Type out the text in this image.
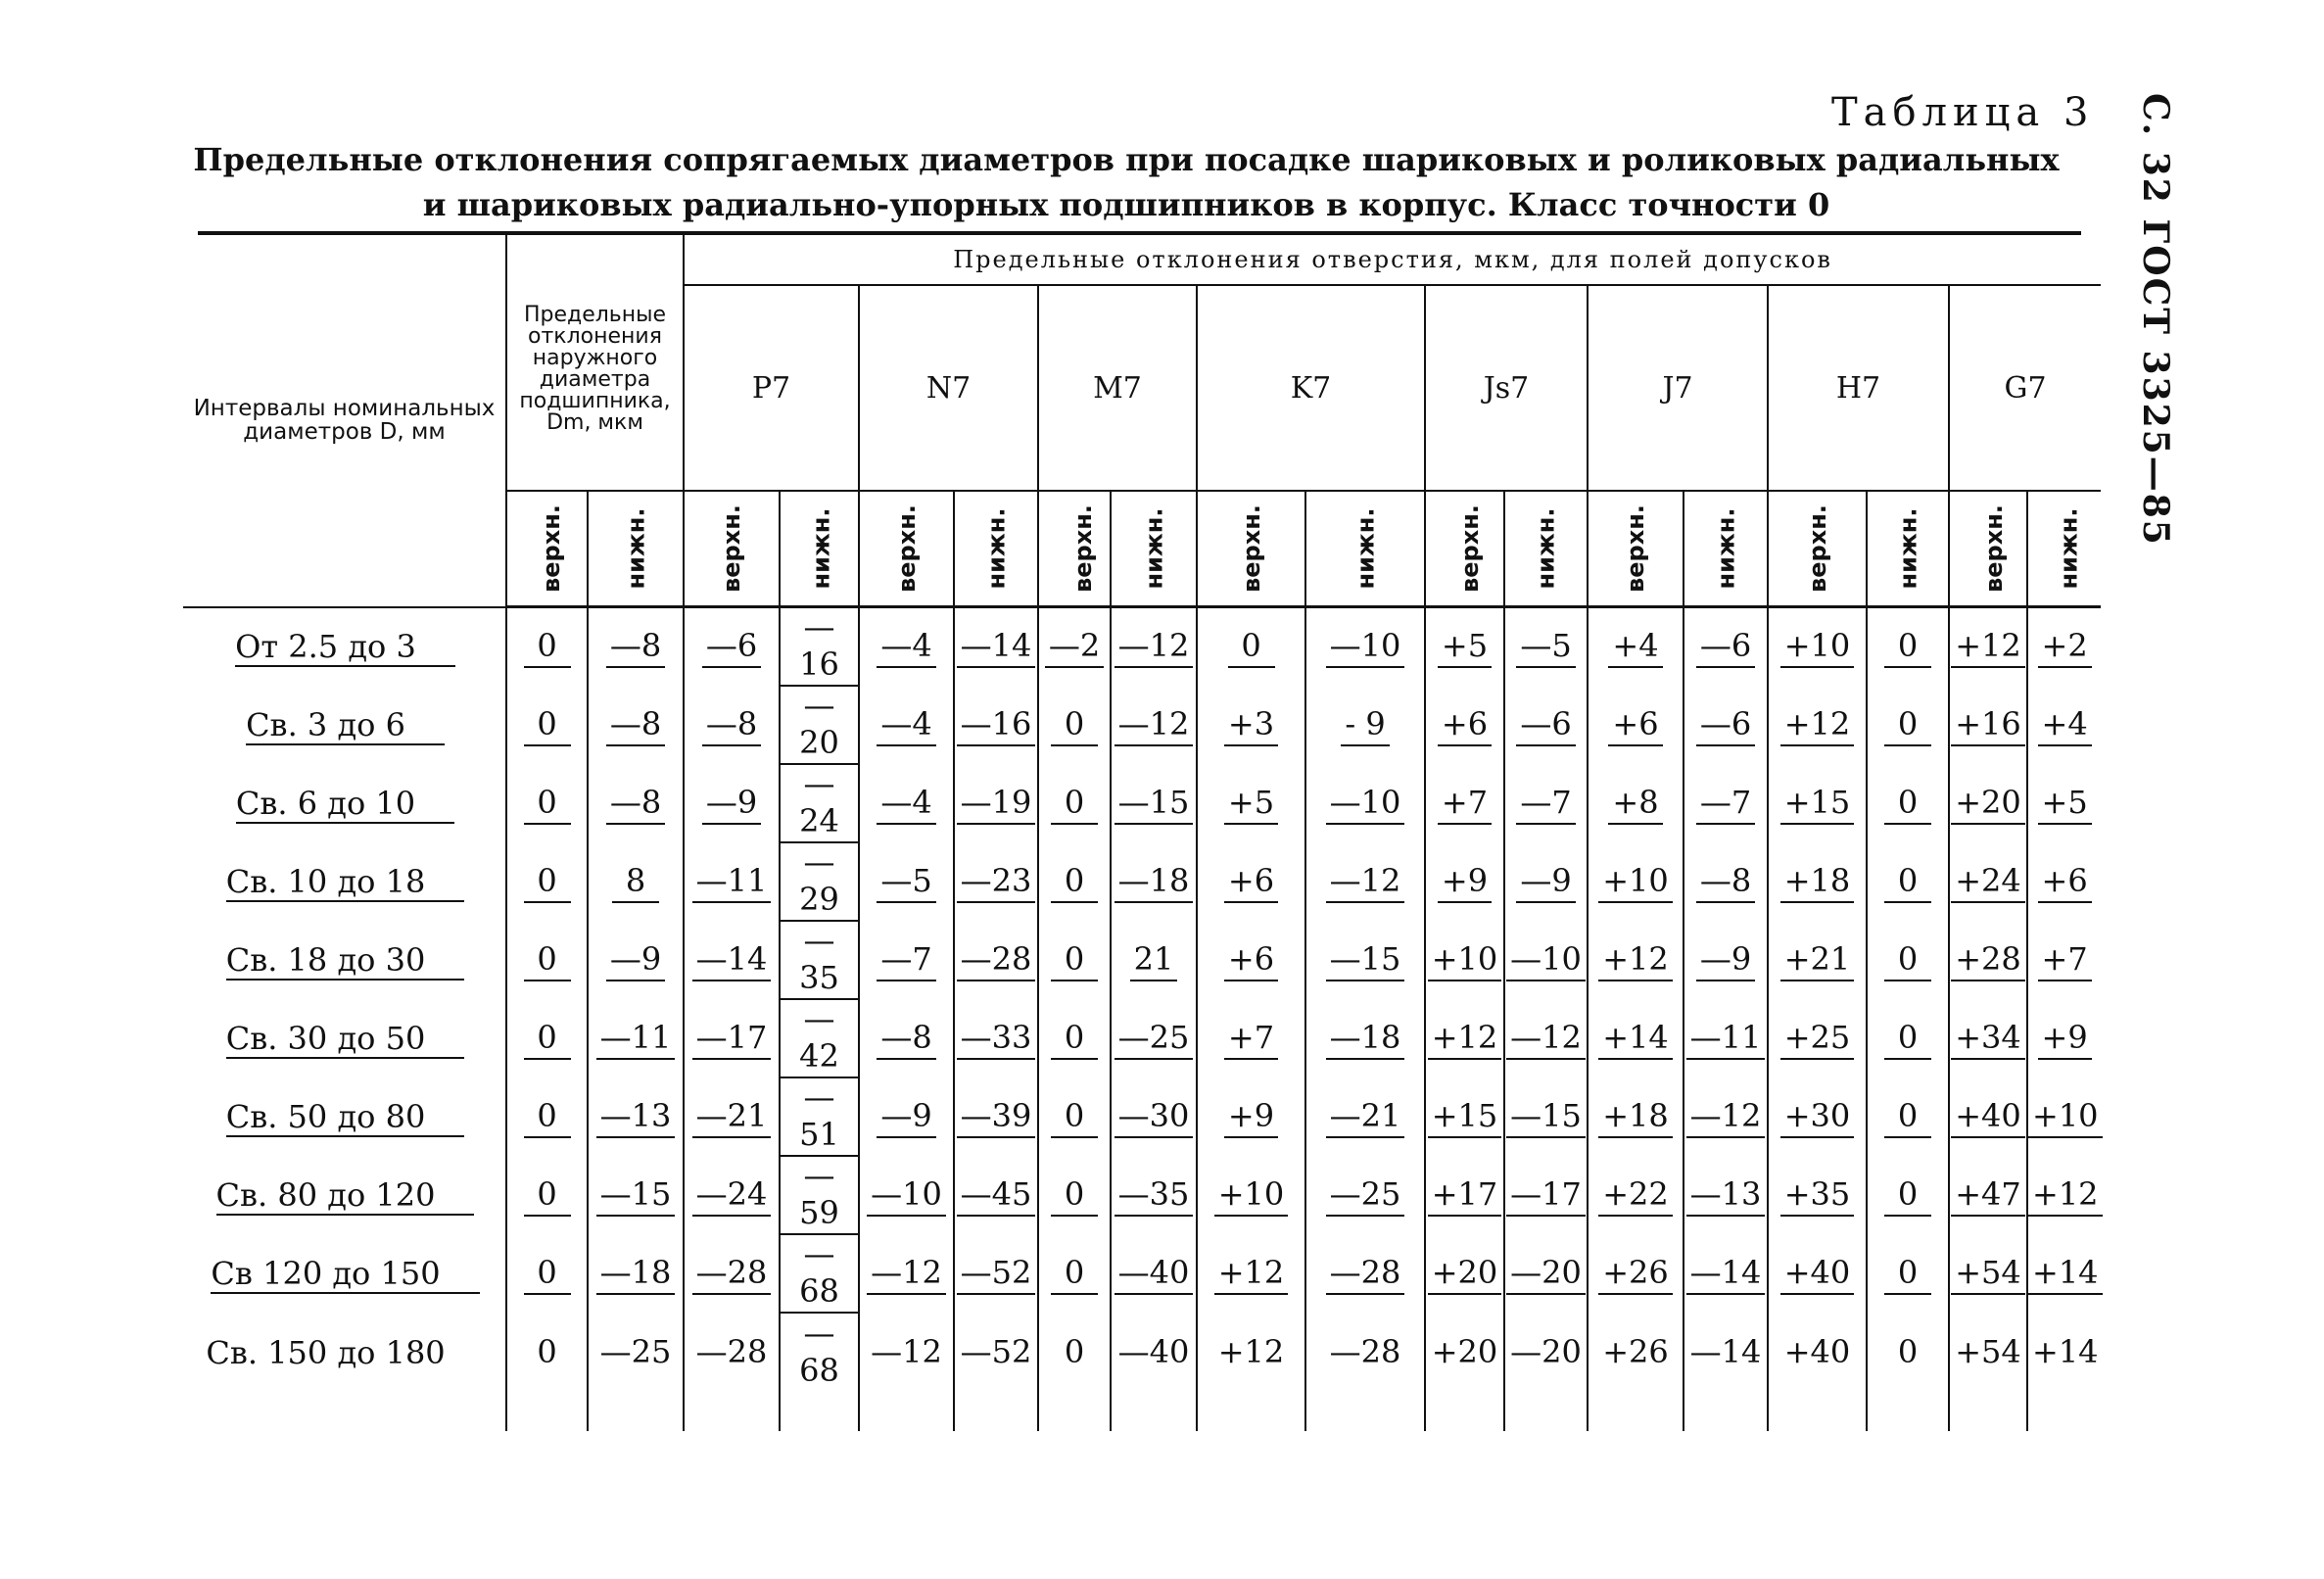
Таблица 3 С. 32 ГОСТ 3325—85
Предельные отклонения сопрягаемых диаметров при посадке шариковых и роликовых радиальных
и шариковых радиально-упорных подшипников в корпус. Класс точности 0
Интервалы номинальных диаметров D, мм	Предельные отклонения наружного диаметра подшипника, Dm, мкм		Предельные отклонения отверстия, мкм, для полей допусков															
			P7		N7		M7		K7		Js7		J7		H7		G7	
	верхн.	нижн.	верхн.	нижн.	верхн.	нижн.	верхн.	нижн.	верхн.	нижн.	верхн.	нижн.	верхн.	нижн.	верхн.	нижн.	верхн.	нижн.
От 2.5 до 3	0	—8	—6	—16	—4	—14	—2	—12	0	—10	+5	—5	+4	—6	+10	0	+12	+2
Св. 3 до 6	0	—8	—8	—20	—4	—16	0	—12	+3	- 9	+6	—6	+6	—6	+12	0	+16	+4
Св. 6 до 10	0	—8	—9	—24	—4	—19	0	—15	+5	—10	+7	—7	+8	—7	+15	0	+20	+5
Св. 10 до 18	0	8	—11	—29	—5	—23	0	—18	+6	—12	+9	—9	+10	—8	+18	0	+24	+6
Св. 18 до 30	0	—9	—14	—35	—7	—28	0	21	+6	—15	+10	—10	+12	—9	+21	0	+28	+7
Св. 30 до 50	0	—11	—17	—42	—8	—33	0	—25	+7	—18	+12	—12	+14	—11	+25	0	+34	+9
Св. 50 до 80	0	—13	—21	—51	—9	—39	0	—30	+9	—21	+15	—15	+18	—12	+30	0	+40	+10
Св. 80 до 120	0	—15	—24	—59	—10	—45	0	—35	+10	—25	+17	—17	+22	—13	+35	0	+47	+12
Св 120 до 150	0	—18	—28	—68	—12	—52	0	—40	+12	—28	+20	—20	+26	—14	+40	0	+54	+14
Св. 150 до 180	0	—25	—28	—68	—12	—52	0	—40	+12	—28	+20	—20	+26	—14	+40	0	+54	+14
